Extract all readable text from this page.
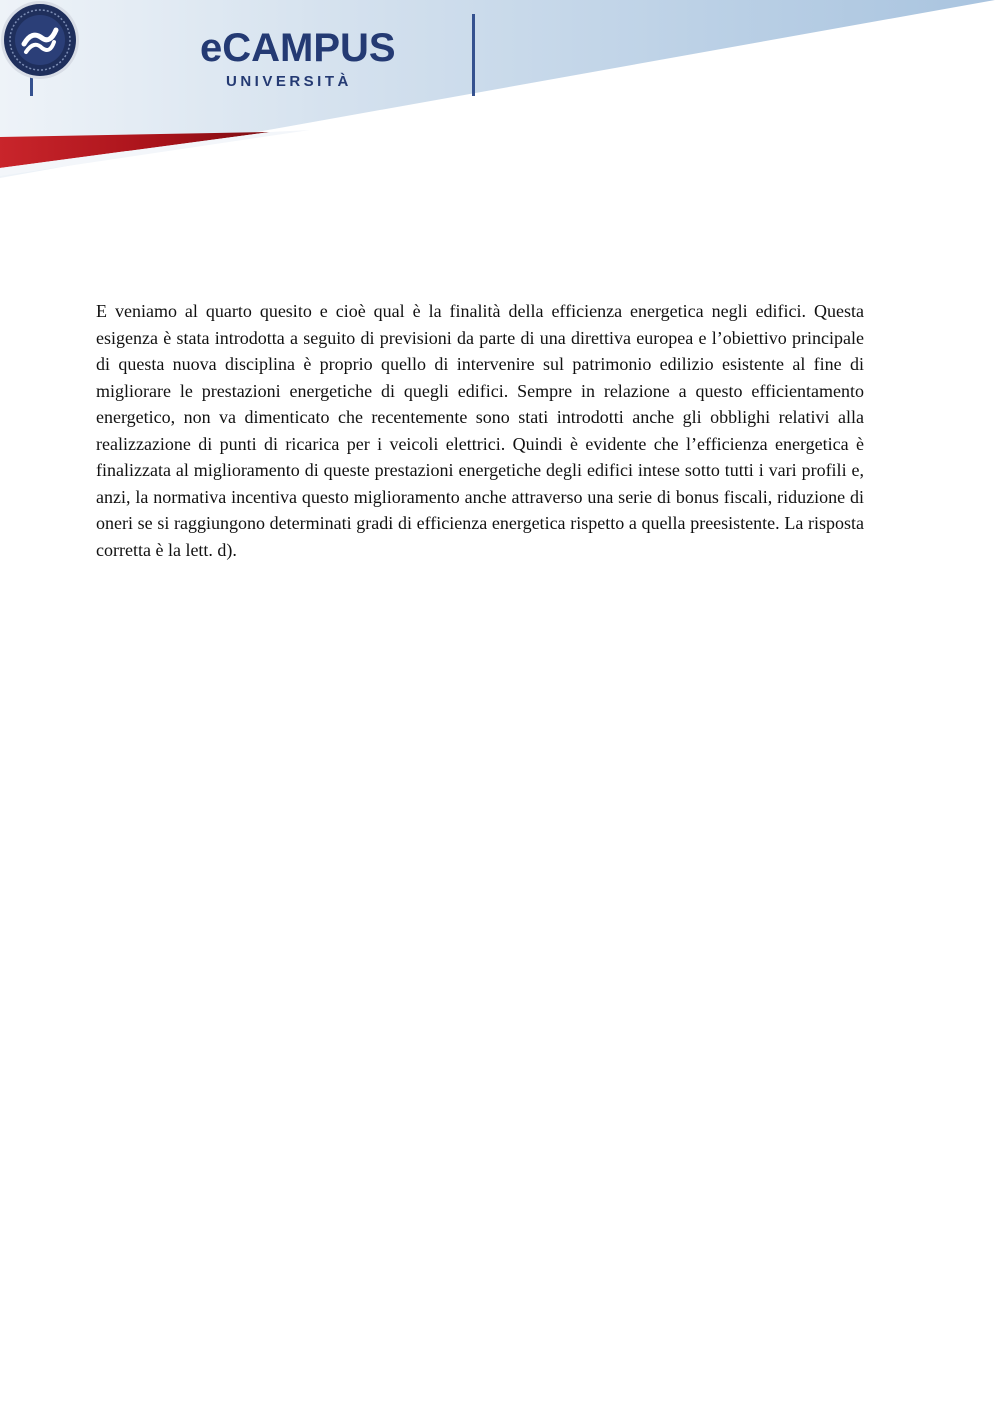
eCAMPUS
UNIVERSITÀ

E veniamo al quarto quesito e cioè qual è la finalità della efficienza energetica negli edifici. Questa esigenza è stata introdotta a seguito di previsioni da parte di una direttiva europea e l’obiettivo principale di questa nuova disciplina è proprio quello di intervenire sul patrimonio edilizio esistente al fine di migliorare le prestazioni energetiche di quegli edifici. Sempre in relazione a questo efficientamento energetico, non va dimenticato che recentemente sono stati introdotti anche gli obblighi relativi alla realizzazione di punti di ricarica per i veicoli elettrici. Quindi è evidente che l’efficienza energetica è finalizzata al miglioramento di queste prestazioni energetiche degli edifici intese sotto tutti i vari profili e, anzi, la normativa incentiva questo miglioramento anche attraverso una serie di bonus fiscali, riduzione di oneri se si raggiungono determinati gradi di efficienza energetica rispetto a quella preesistente. La risposta corretta è la lett. d).
